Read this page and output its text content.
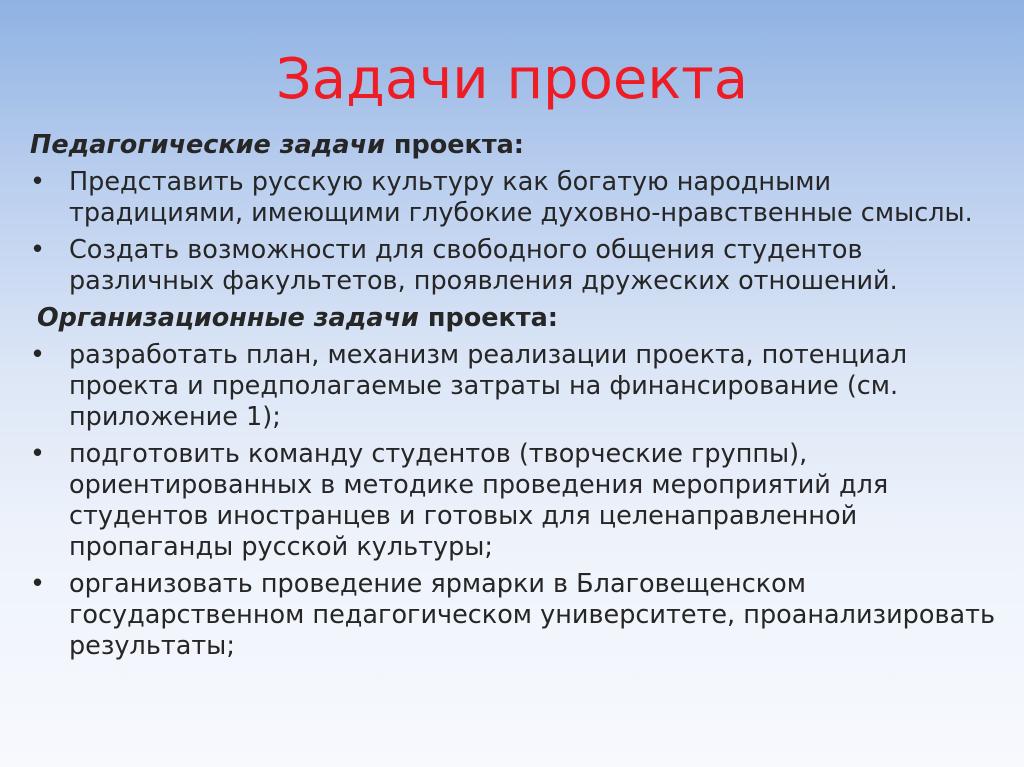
Задачи проекта
Педагогические задачи проекта:
• Представить русскую культуру как богатую народными традициями, имеющими глубокие духовно-нравственные смыслы.
• Создать возможности для свободного общения студентов различных факультетов, проявления дружеских отношений.
Организационные задачи проекта:
• разработать план, механизм реализации проекта, потенциал проекта и предполагаемые затраты на финансирование (см. приложение 1);
• подготовить команду студентов (творческие группы), ориентированных в методике проведения мероприятий для студентов иностранцев и готовых для целенаправленной пропаганды русской культуры;
• организовать проведение ярмарки в Благовещенском государственном педагогическом университете, проанализировать результаты;
